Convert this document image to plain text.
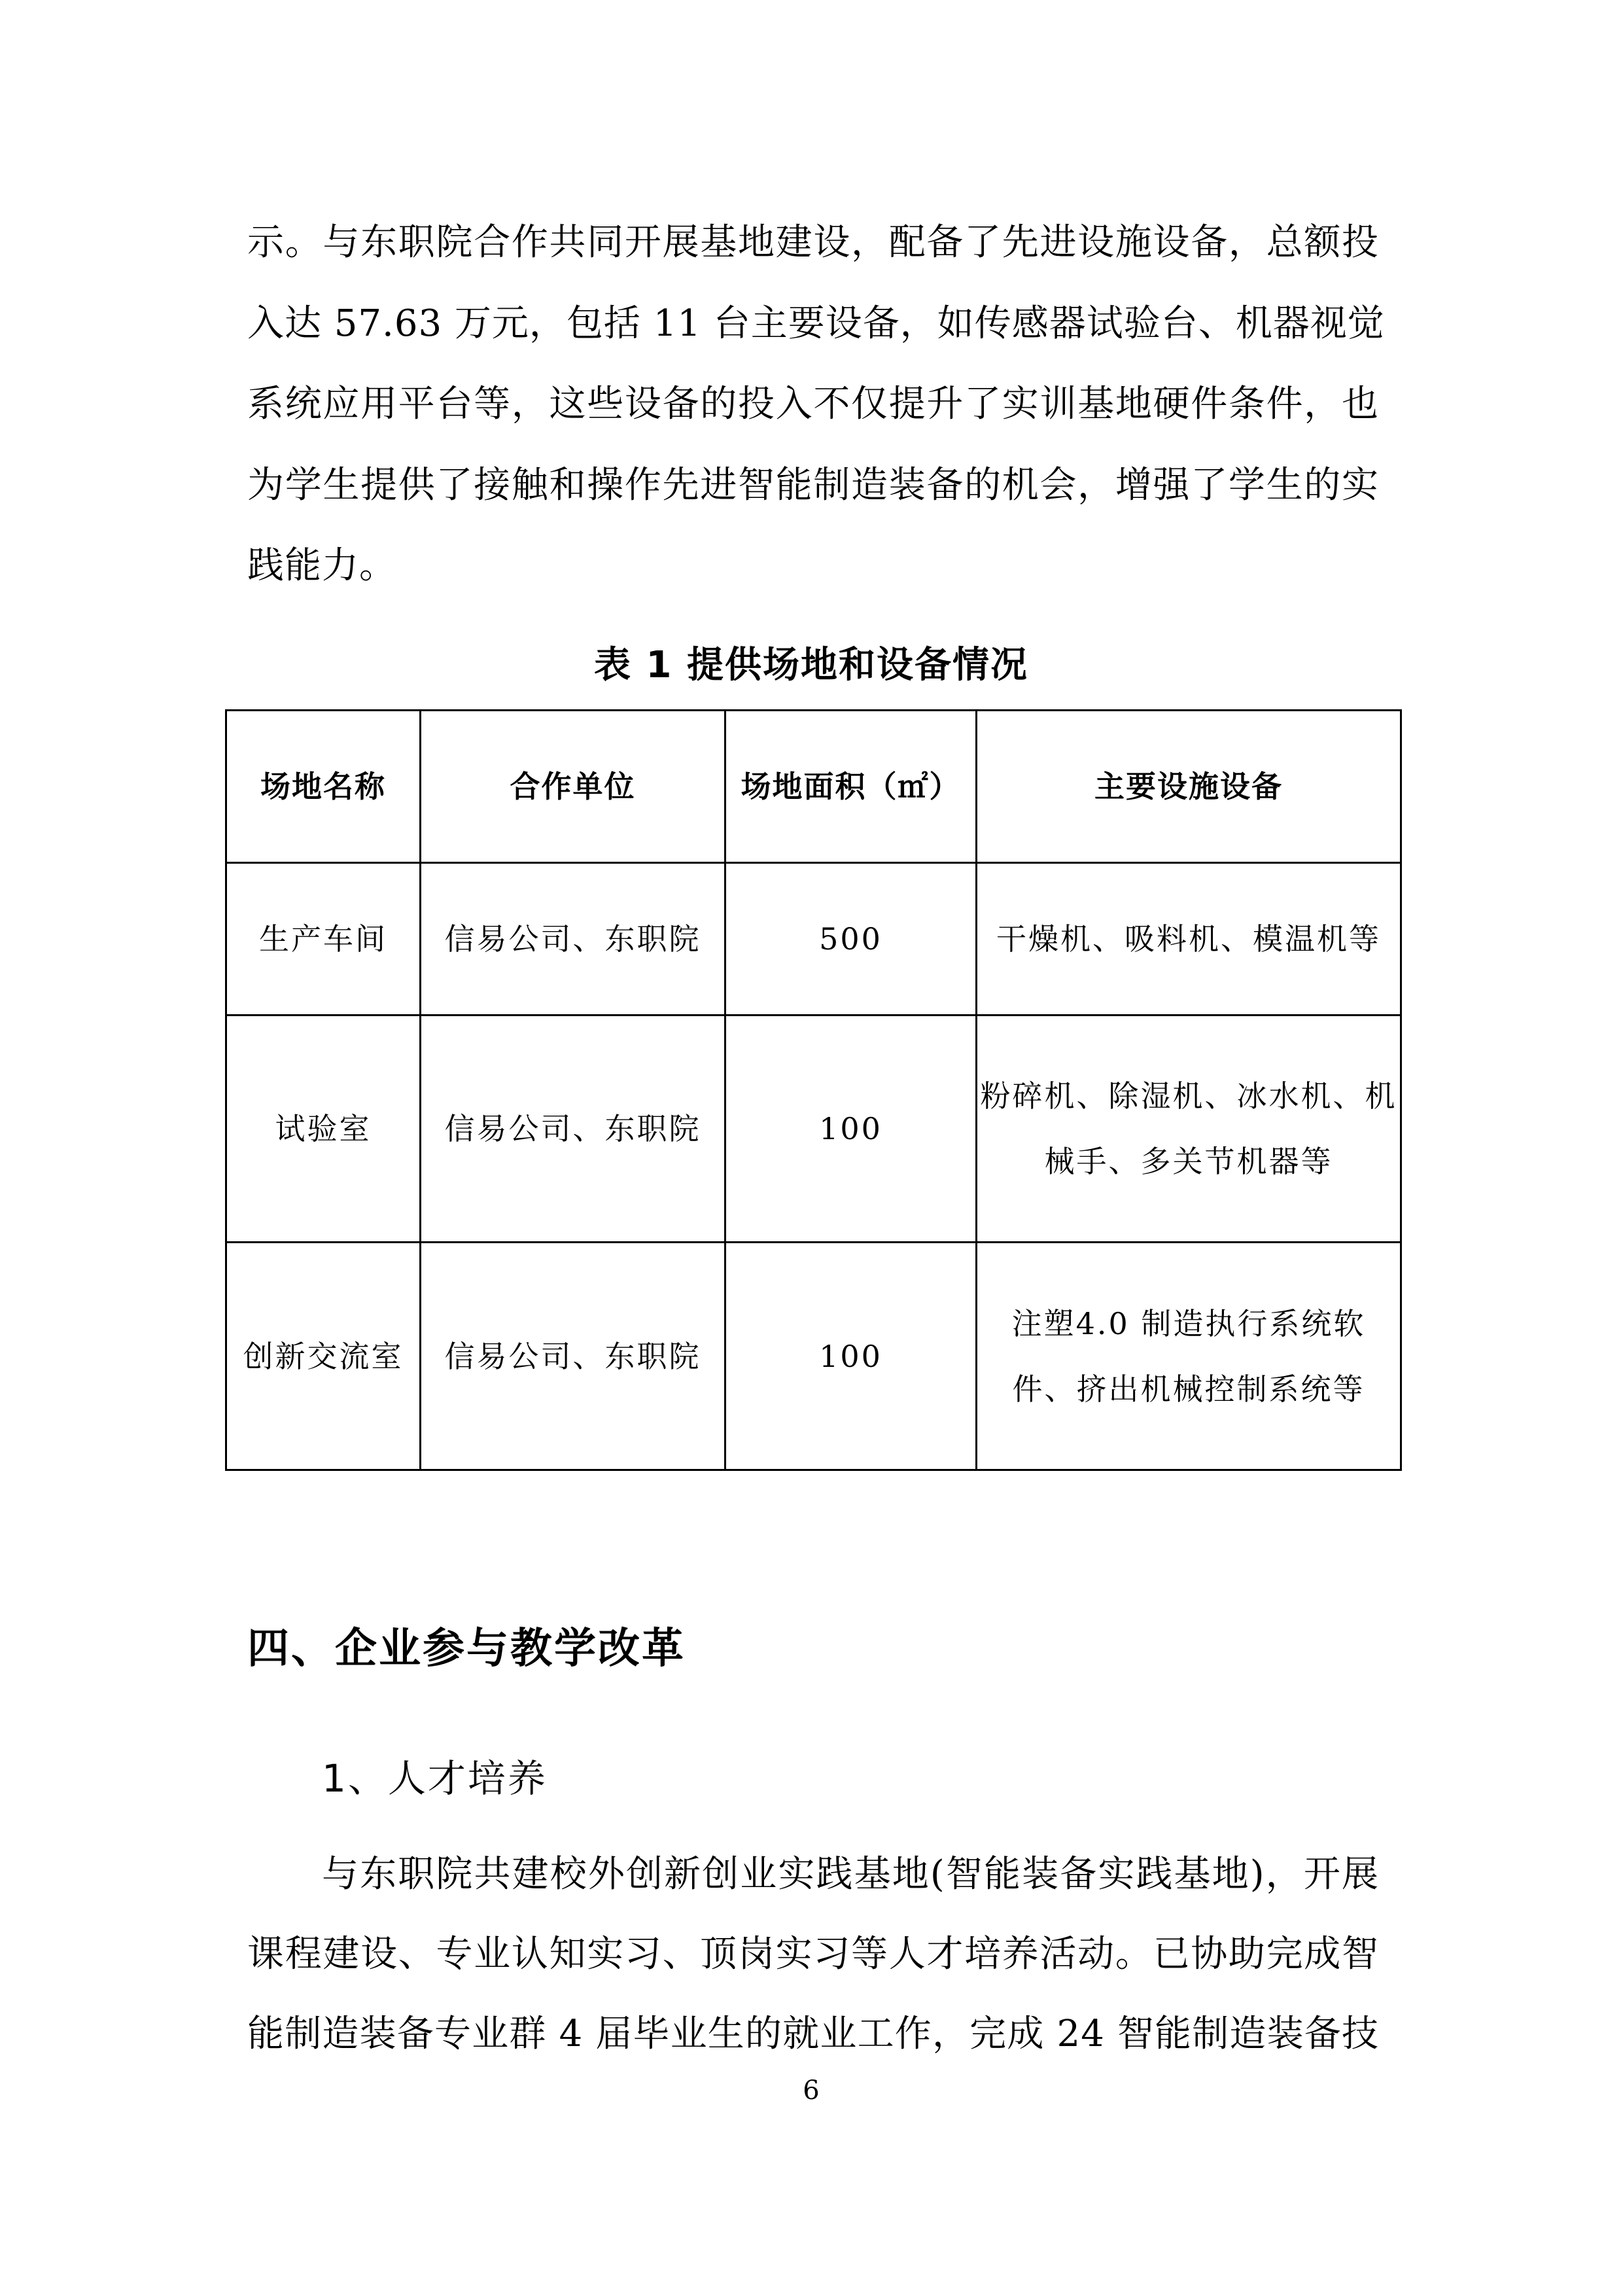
示。与东职院合作共同开展基地建设，配备了先进设施设备，总额投
入达 57.63 万元，包括 11 台主要设备，如传感器试验台、机器视觉
系统应用平台等，这些设备的投入不仅提升了实训基地硬件条件，也
为学生提供了接触和操作先进智能制造装备的机会，增强了学生的实
践能力。
表 1 提供场地和设备情况
场地名称	合作单位	场地面积（㎡）	主要设施设备
生产车间	信易公司、东职院	500	干燥机、吸料机、模温机等
试验室	信易公司、东职院	100	粉碎机、除湿机、冰水机、机械手、多关节机器等
创新交流室	信易公司、东职院	100	注塑4.0 制造执行系统软件、挤出机械控制系统等
四、企业参与教学改革
1、人才培养
与东职院共建校外创新创业实践基地(智能装备实践基地)，开展
课程建设、专业认知实习、顶岗实习等人才培养活动。已协助完成智
能制造装备专业群 4 届毕业生的就业工作，完成 24 智能制造装备技
6
